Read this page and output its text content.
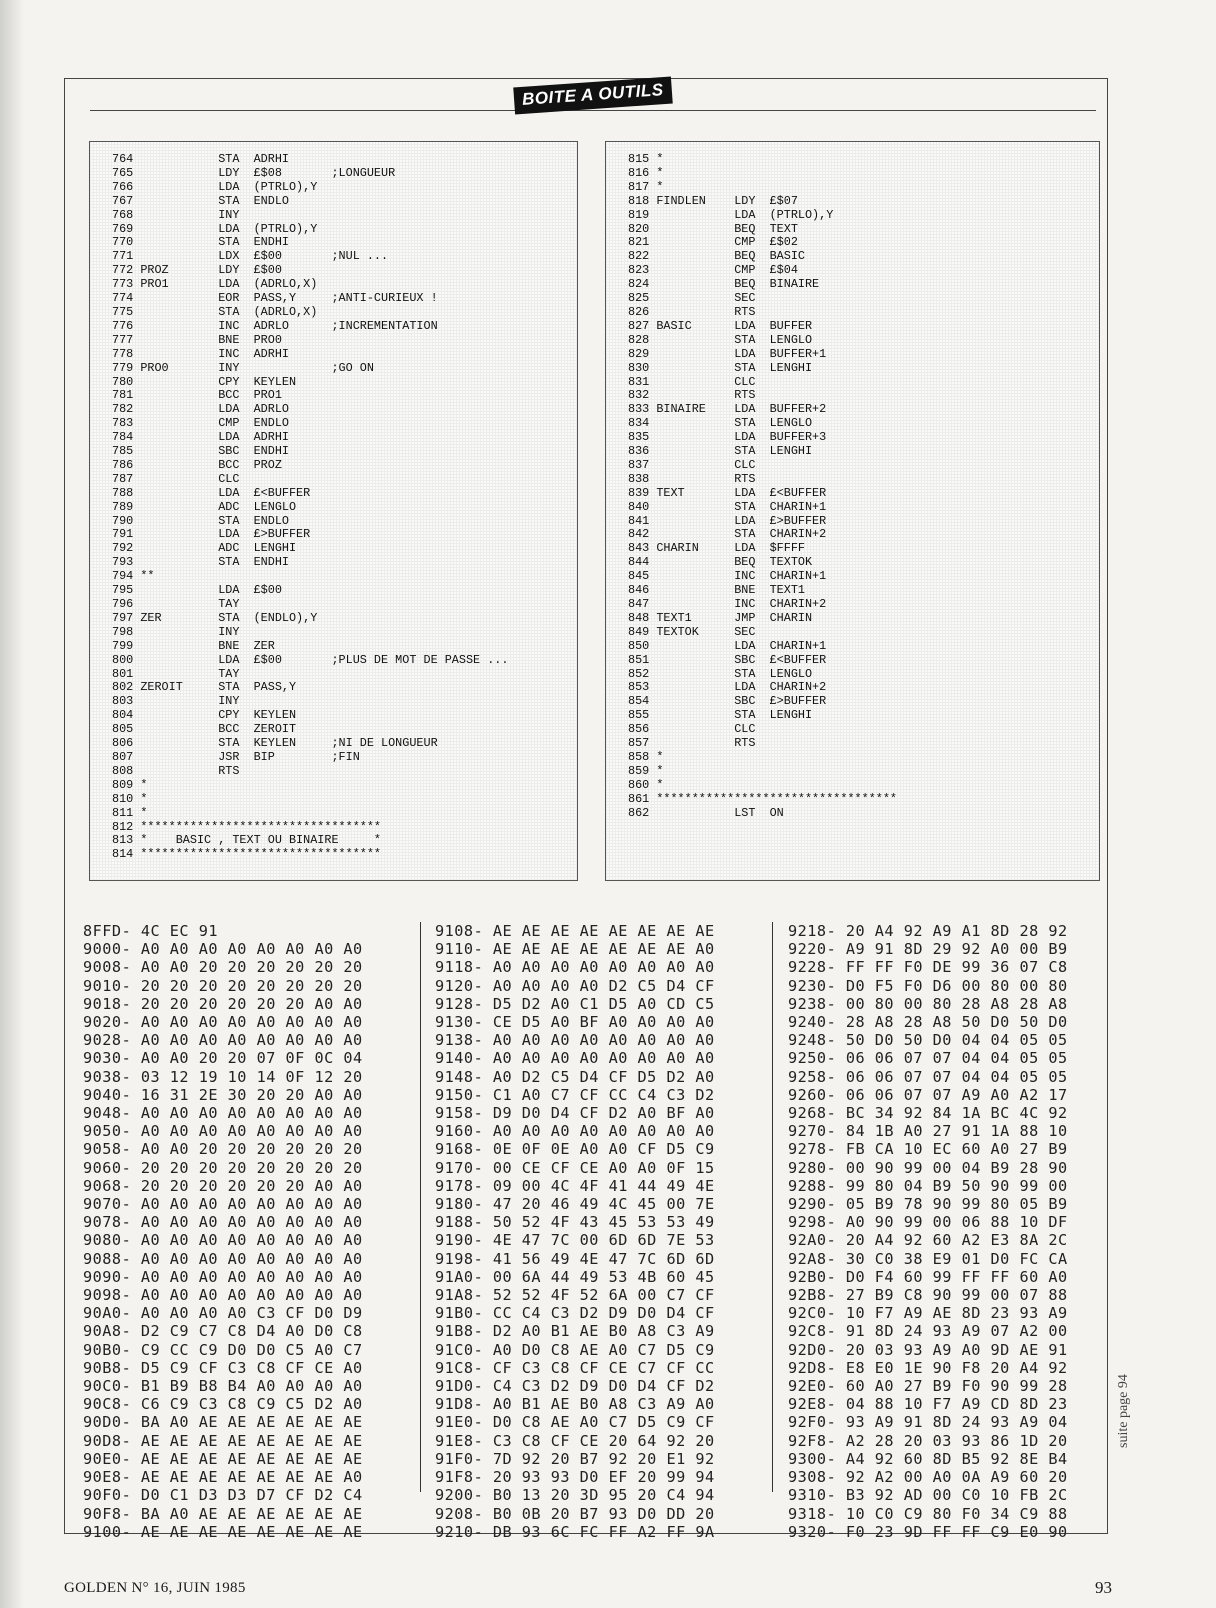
BOITE A OUTILS
764            STA  ADRHI
765            LDY  £$08       ;LONGUEUR
766            LDA  (PTRLO),Y
767            STA  ENDLO
768            INY
769            LDA  (PTRLO),Y
770            STA  ENDHI
771            LDX  £$00       ;NUL ...
772 PROZ       LDY  £$00
773 PRO1       LDA  (ADRLO,X)
774            EOR  PASS,Y     ;ANTI-CURIEUX !
775            STA  (ADRLO,X)
776            INC  ADRLO      ;INCREMENTATION
777            BNE  PRO0
778            INC  ADRHI
779 PRO0       INY             ;GO ON
780            CPY  KEYLEN
781            BCC  PRO1
782            LDA  ADRLO
783            CMP  ENDLO
784            LDA  ADRHI
785            SBC  ENDHI
786            BCC  PROZ
787            CLC
788            LDA  £<BUFFER
789            ADC  LENGLO
790            STA  ENDLO
791            LDA  £>BUFFER
792            ADC  LENGHI
793            STA  ENDHI
794 **
795            LDA  £$00
796            TAY
797 ZER        STA  (ENDLO),Y
798            INY
799            BNE  ZER
800            LDA  £$00       ;PLUS DE MOT DE PASSE ...
801            TAY
802 ZEROIT     STA  PASS,Y
803            INY
804            CPY  KEYLEN
805            BCC  ZEROIT
806            STA  KEYLEN     ;NI DE LONGUEUR
807            JSR  BIP        ;FIN
808            RTS
809 *
810 *
811 *
812 **********************************
813 *    BASIC , TEXT OU BINAIRE     *
814 **********************************
815 *
816 *
817 *
818 FINDLEN    LDY  £$07
819            LDA  (PTRLO),Y
820            BEQ  TEXT
821            CMP  £$02
822            BEQ  BASIC
823            CMP  £$04
824            BEQ  BINAIRE
825            SEC
826            RTS
827 BASIC      LDA  BUFFER
828            STA  LENGLO
829            LDA  BUFFER+1
830            STA  LENGHI
831            CLC
832            RTS
833 BINAIRE    LDA  BUFFER+2
834            STA  LENGLO
835            LDA  BUFFER+3
836            STA  LENGHI
837            CLC
838            RTS
839 TEXT       LDA  £<BUFFER
840            STA  CHARIN+1
841            LDA  £>BUFFER
842            STA  CHARIN+2
843 CHARIN     LDA  $FFFF
844            BEQ  TEXTOK
845            INC  CHARIN+1
846            BNE  TEXT1
847            INC  CHARIN+2
848 TEXT1      JMP  CHARIN
849 TEXTOK     SEC
850            LDA  CHARIN+1
851            SBC  £<BUFFER
852            STA  LENGLO
853            LDA  CHARIN+2
854            SBC  £>BUFFER
855            STA  LENGHI
856            CLC
857            RTS
858 *
859 *
860 *
861 **********************************
862            LST  ON
8FFD- 4C EC 91
9000- A0 A0 A0 A0 A0 A0 A0 A0
9008- A0 A0 20 20 20 20 20 20
9010- 20 20 20 20 20 20 20 20
9018- 20 20 20 20 20 20 A0 A0
9020- A0 A0 A0 A0 A0 A0 A0 A0
9028- A0 A0 A0 A0 A0 A0 A0 A0
9030- A0 A0 20 20 07 0F 0C 04
9038- 03 12 19 10 14 0F 12 20
9040- 16 31 2E 30 20 20 A0 A0
9048- A0 A0 A0 A0 A0 A0 A0 A0
9050- A0 A0 A0 A0 A0 A0 A0 A0
9058- A0 A0 20 20 20 20 20 20
9060- 20 20 20 20 20 20 20 20
9068- 20 20 20 20 20 20 A0 A0
9070- A0 A0 A0 A0 A0 A0 A0 A0
9078- A0 A0 A0 A0 A0 A0 A0 A0
9080- A0 A0 A0 A0 A0 A0 A0 A0
9088- A0 A0 A0 A0 A0 A0 A0 A0
9090- A0 A0 A0 A0 A0 A0 A0 A0
9098- A0 A0 A0 A0 A0 A0 A0 A0
90A0- A0 A0 A0 A0 C3 CF D0 D9
90A8- D2 C9 C7 C8 D4 A0 D0 C8
90B0- C9 CC C9 D0 D0 C5 A0 C7
90B8- D5 C9 CF C3 C8 CF CE A0
90C0- B1 B9 B8 B4 A0 A0 A0 A0
90C8- C6 C9 C3 C8 C9 C5 D2 A0
90D0- BA A0 AE AE AE AE AE AE
90D8- AE AE AE AE AE AE AE AE
90E0- AE AE AE AE AE AE AE AE
90E8- AE AE AE AE AE AE AE A0
90F0- D0 C1 D3 D3 D7 CF D2 C4
90F8- BA A0 AE AE AE AE AE AE
9100- AE AE AE AE AE AE AE AE
9108- AE AE AE AE AE AE AE AE
9110- AE AE AE AE AE AE AE A0
9118- A0 A0 A0 A0 A0 A0 A0 A0
9120- A0 A0 A0 A0 D2 C5 D4 CF
9128- D5 D2 A0 C1 D5 A0 CD C5
9130- CE D5 A0 BF A0 A0 A0 A0
9138- A0 A0 A0 A0 A0 A0 A0 A0
9140- A0 A0 A0 A0 A0 A0 A0 A0
9148- A0 D2 C5 D4 CF D5 D2 A0
9150- C1 A0 C7 CF CC C4 C3 D2
9158- D9 D0 D4 CF D2 A0 BF A0
9160- A0 A0 A0 A0 A0 A0 A0 A0
9168- 0E 0F 0E A0 A0 CF D5 C9
9170- 00 CE CF CE A0 A0 0F 15
9178- 09 00 4C 4F 41 44 49 4E
9180- 47 20 46 49 4C 45 00 7E
9188- 50 52 4F 43 45 53 53 49
9190- 4E 47 7C 00 6D 6D 7E 53
9198- 41 56 49 4E 47 7C 6D 6D
91A0- 00 6A 44 49 53 4B 60 45
91A8- 52 52 4F 52 6A 00 C7 CF
91B0- CC C4 C3 D2 D9 D0 D4 CF
91B8- D2 A0 B1 AE B0 A8 C3 A9
91C0- A0 D0 C8 AE A0 C7 D5 C9
91C8- CF C3 C8 CF CE C7 CF CC
91D0- C4 C3 D2 D9 D0 D4 CF D2
91D8- A0 B1 AE B0 A8 C3 A9 A0
91E0- D0 C8 AE A0 C7 D5 C9 CF
91E8- C3 C8 CF CE 20 64 92 20
91F0- 7D 92 20 B7 92 20 E1 92
91F8- 20 93 93 D0 EF 20 99 94
9200- B0 13 20 3D 95 20 C4 94
9208- B0 0B 20 B7 93 D0 DD 20
9210- DB 93 6C FC FF A2 FF 9A
9218- 20 A4 92 A9 A1 8D 28 92
9220- A9 91 8D 29 92 A0 00 B9
9228- FF FF F0 DE 99 36 07 C8
9230- D0 F5 F0 D6 00 80 00 80
9238- 00 80 00 80 28 A8 28 A8
9240- 28 A8 28 A8 50 D0 50 D0
9248- 50 D0 50 D0 04 04 05 05
9250- 06 06 07 07 04 04 05 05
9258- 06 06 07 07 04 04 05 05
9260- 06 06 07 07 A9 A0 A2 17
9268- BC 34 92 84 1A BC 4C 92
9270- 84 1B A0 27 91 1A 88 10
9278- FB CA 10 EC 60 A0 27 B9
9280- 00 90 99 00 04 B9 28 90
9288- 99 80 04 B9 50 90 99 00
9290- 05 B9 78 90 99 80 05 B9
9298- A0 90 99 00 06 88 10 DF
92A0- 20 A4 92 60 A2 E3 8A 2C
92A8- 30 C0 38 E9 01 D0 FC CA
92B0- D0 F4 60 99 FF FF 60 A0
92B8- 27 B9 C8 90 99 00 07 88
92C0- 10 F7 A9 AE 8D 23 93 A9
92C8- 91 8D 24 93 A9 07 A2 00
92D0- 20 03 93 A9 A0 9D AE 91
92D8- E8 E0 1E 90 F8 20 A4 92
92E0- 60 A0 27 B9 F0 90 99 28
92E8- 04 88 10 F7 A9 CD 8D 23
92F0- 93 A9 91 8D 24 93 A9 04
92F8- A2 28 20 03 93 86 1D 20
9300- A4 92 60 8D B5 92 8E B4
9308- 92 A2 00 A0 0A A9 60 20
9310- B3 92 AD 00 C0 10 FB 2C
9318- 10 C0 C9 80 F0 34 C9 88
9320- F0 23 9D FF FF C9 E0 90
suite page 94
GOLDEN N° 16, JUIN 1985	93
